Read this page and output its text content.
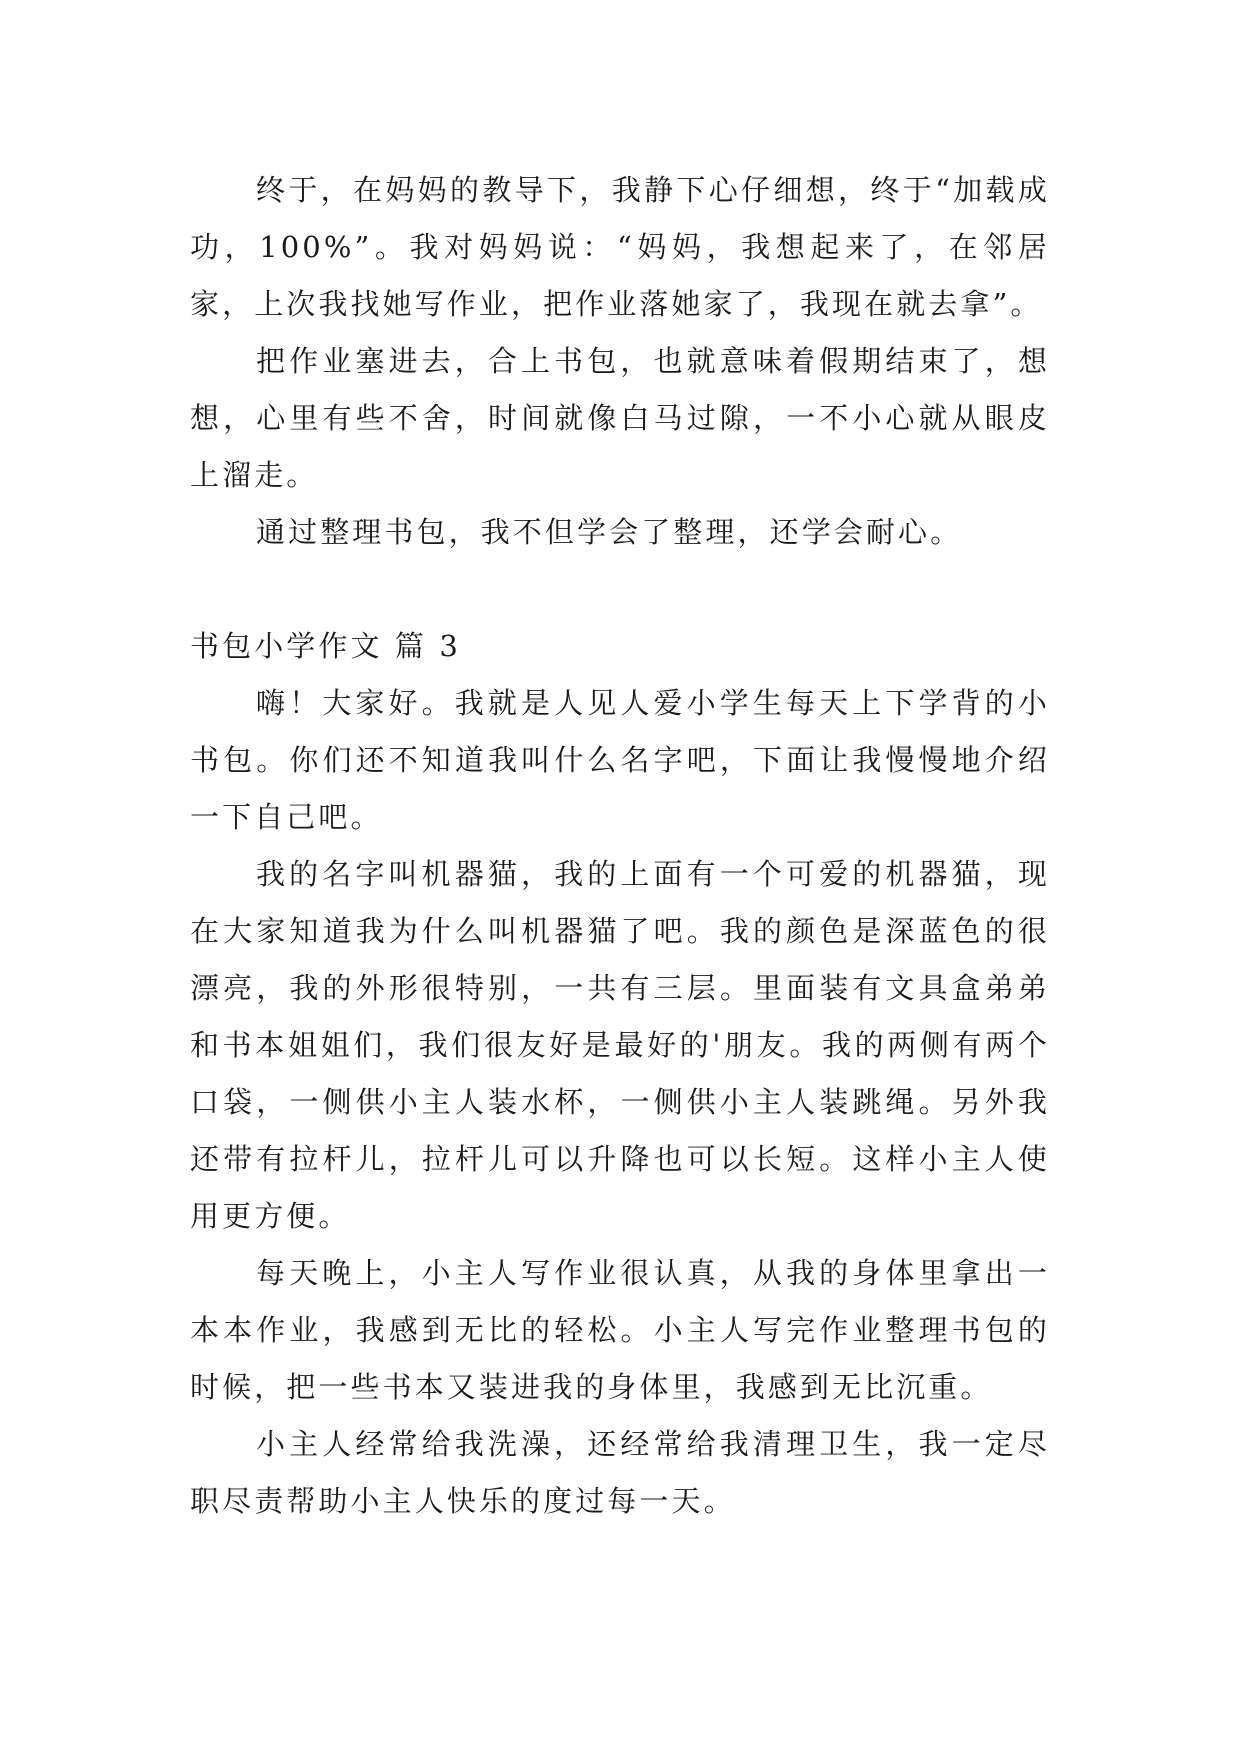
终于，在妈妈的教导下，我静下心仔细想，终于“加载成功，100%”。我对妈妈说：“妈妈，我想起来了，在邻居家，上次我找她写作业，把作业落她家了，我现在就去拿”。

把作业塞进去，合上书包，也就意味着假期结束了，想想，心里有些不舍，时间就像白马过隙，一不小心就从眼皮上溜走。

通过整理书包，我不但学会了整理，还学会耐心。

书包小学作文 篇 3

嗨！大家好。我就是人见人爱小学生每天上下学背的小书包。你们还不知道我叫什么名字吧，下面让我慢慢地介绍一下自己吧。

我的名字叫机器猫，我的上面有一个可爱的机器猫，现在大家知道我为什么叫机器猫了吧。我的颜色是深蓝色的很漂亮，我的外形很特别，一共有三层。里面装有文具盒弟弟和书本姐姐们，我们很友好是最好的'朋友。我的两侧有两个口袋，一侧供小主人装水杯，一侧供小主人装跳绳。另外我还带有拉杆儿，拉杆儿可以升降也可以长短。这样小主人使用更方便。

每天晚上，小主人写作业很认真，从我的身体里拿出一本本作业，我感到无比的轻松。小主人写完作业整理书包的时候，把一些书本又装进我的身体里，我感到无比沉重。

小主人经常给我洗澡，还经常给我清理卫生，我一定尽职尽责帮助小主人快乐的度过每一天。
